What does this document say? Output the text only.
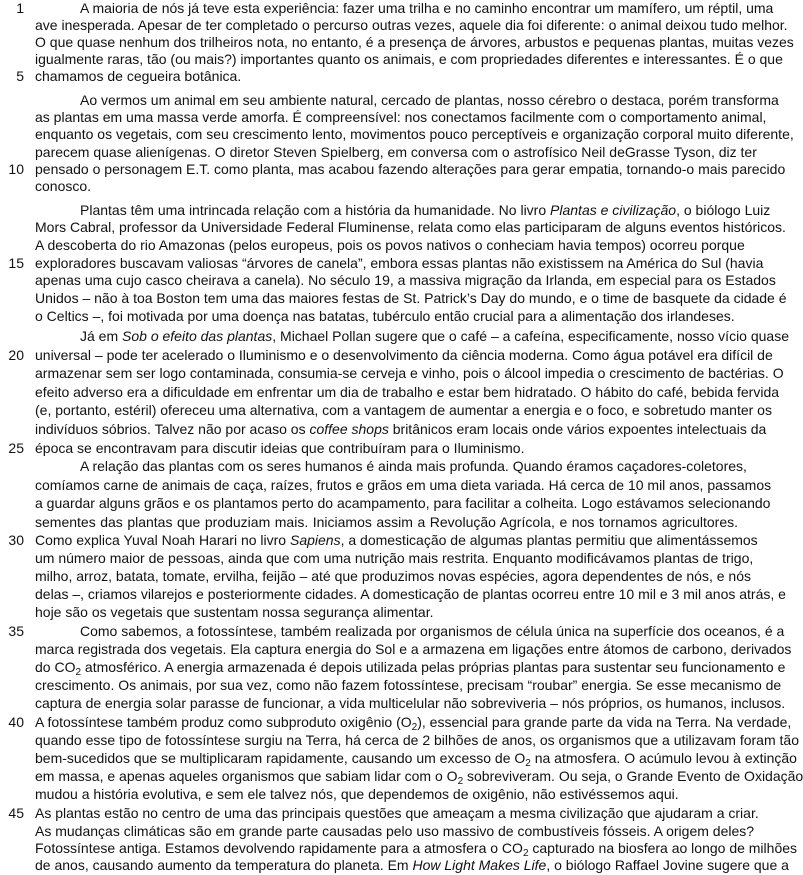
1
5
10
15
20
25
30
35
40
45
A maioria de nós já teve esta experiência: fazer uma trilha e no caminho encontrar um mamífero, um réptil, uma
ave inesperada. Apesar de ter completado o percurso outras vezes, aquele dia foi diferente: o animal deixou tudo melhor.
O que quase nenhum dos trilheiros nota, no entanto, é a presença de árvores, arbustos e pequenas plantas, muitas vezes
igualmente raras, tão (ou mais?) importantes quanto os animais, e com propriedades diferentes e interessantes. É o que
chamamos de cegueira botânica.
Ao vermos um animal em seu ambiente natural, cercado de plantas, nosso cérebro o destaca, porém transforma
as plantas em uma massa verde amorfa. É compreensível: nos conectamos facilmente com o comportamento animal,
enquanto os vegetais, com seu crescimento lento, movimentos pouco perceptíveis e organização corporal muito diferente,
parecem quase alienígenas. O diretor Steven Spielberg, em conversa com o astrofísico Neil deGrasse Tyson, diz ter
pensado o personagem E.T. como planta, mas acabou fazendo alterações para gerar empatia, tornando-o mais parecido
conosco.
Plantas têm uma intrincada relação com a história da humanidade. No livro Plantas e civilização, o biólogo Luiz
Mors Cabral, professor da Universidade Federal Fluminense, relata como elas participaram de alguns eventos históricos.
A descoberta do rio Amazonas (pelos europeus, pois os povos nativos o conheciam havia tempos) ocorreu porque
exploradores buscavam valiosas “árvores de canela”, embora essas plantas não existissem na América do Sul (havia
apenas uma cujo casco cheirava a canela). No século 19, a massiva migração da Irlanda, em especial para os Estados
Unidos – não à toa Boston tem uma das maiores festas de St. Patrick’s Day do mundo, e o time de basquete da cidade é
o Celtics –, foi motivada por uma doença nas batatas, tubérculo então crucial para a alimentação dos irlandeses.
Já em Sob o efeito das plantas, Michael Pollan sugere que o café – a cafeína, especificamente, nosso vício quase
universal – pode ter acelerado o Iluminismo e o desenvolvimento da ciência moderna. Como água potável era difícil de
armazenar sem ser logo contaminada, consumia-se cerveja e vinho, pois o álcool impedia o crescimento de bactérias. O
efeito adverso era a dificuldade em enfrentar um dia de trabalho e estar bem hidratado. O hábito do café, bebida fervida
(e, portanto, estéril) ofereceu uma alternativa, com a vantagem de aumentar a energia e o foco, e sobretudo manter os
indivíduos sóbrios. Talvez não por acaso os coffee shops britânicos eram locais onde vários expoentes intelectuais da
época se encontravam para discutir ideias que contribuíram para o Iluminismo.
A relação das plantas com os seres humanos é ainda mais profunda. Quando éramos caçadores-coletores,
comíamos carne de animais de caça, raízes, frutos e grãos em uma dieta variada. Há cerca de 10 mil anos, passamos
a guardar alguns grãos e os plantamos perto do acampamento, para facilitar a colheita. Logo estávamos selecionando
sementes das plantas que produziam mais. Iniciamos assim a Revolução Agrícola, e nos tornamos agricultores.
Como explica Yuval Noah Harari no livro Sapiens, a domesticação de algumas plantas permitiu que alimentássemos
um número maior de pessoas, ainda que com uma nutrição mais restrita. Enquanto modificávamos plantas de trigo,
milho, arroz, batata, tomate, ervilha, feijão – até que produzimos novas espécies, agora dependentes de nós, e nós
delas –, criamos vilarejos e posteriormente cidades. A domesticação de plantas ocorreu entre 10 mil e 3 mil anos atrás, e
hoje são os vegetais que sustentam nossa segurança alimentar.
Como sabemos, a fotossíntese, também realizada por organismos de célula única na superfície dos oceanos, é a
marca registrada dos vegetais. Ela captura energia do Sol e a armazena em ligações entre átomos de carbono, derivados
do $CO_2$ atmosférico. A energia armazenada é depois utilizada pelas próprias plantas para sustentar seu funcionamento e
crescimento. Os animais, por sua vez, como não fazem fotossíntese, precisam “roubar” energia. Se esse mecanismo de
captura de energia solar parasse de funcionar, a vida multicelular não sobreviveria – nós próprios, os humanos, inclusos.
A fotossíntese também produz como subproduto oxigênio $(O_2)$, essencial para grande parte da vida na Terra. Na verdade,
quando esse tipo de fotossíntese surgiu na Terra, há cerca de 2 bilhões de anos, os organismos que a utilizavam foram tão
bem-sucedidos que se multiplicaram rapidamente, causando um excesso de $O_2$ na atmosfera. O acúmulo levou à extinção
em massa, e apenas aqueles organismos que sabiam lidar com o $O_2$ sobreviveram. Ou seja, o Grande Evento de Oxidação
mudou a história evolutiva, e sem ele talvez nós, que dependemos de oxigênio, não estivéssemos aqui.
As plantas estão no centro de uma das principais questões que ameaçam a mesma civilização que ajudaram a criar.
As mudanças climáticas são em grande parte causadas pelo uso massivo de combustíveis fósseis. A origem deles?
Fotossíntese antiga. Estamos devolvendo rapidamente para a atmosfera o $CO_2$ capturado na biosfera ao longo de milhões
de anos, causando aumento da temperatura do planeta. Em How Light Makes Life, o biólogo Raffael Jovine sugere que a
